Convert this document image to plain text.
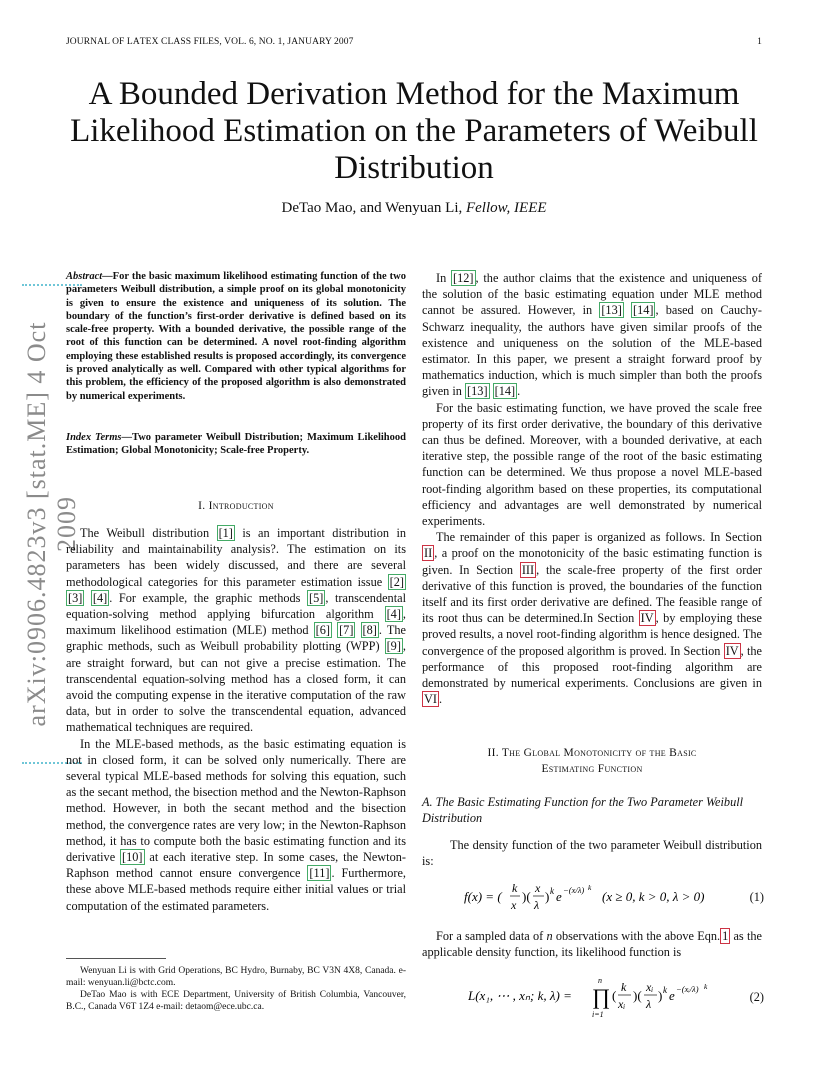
JOURNAL OF LΑTΕX CLASS FILES, VOL. 6, NO. 1, JANUARY 2007	1
A Bounded Derivation Method for the Maximum Likelihood Estimation on the Parameters of Weibull Distribution
DeTao Mao, and Wenyuan Li, Fellow, IEEE
arXiv:0906.4823v3 [stat.ME] 4 Oct 2009
Abstract—For the basic maximum likelihood estimating function of the two parameters Weibull distribution, a simple proof on its global monotonicity is given to ensure the existence and uniqueness of its solution. The boundary of the function’s first-order derivative is defined based on its scale-free property. With a bounded derivative, the possible range of the root of this function can be determined. A novel root-finding algorithm employing these established results is proposed accordingly, its convergence is proved analytically as well. Compared with other typical algorithms for this problem, the efficiency of the proposed algorithm is also demonstrated by numerical experiments.
Index Terms—Two parameter Weibull Distribution; Maximum Likelihood Estimation; Global Monotonicity; Scale-free Property.
I. Introduction

The Weibull distribution [1] is an important distribution in reliability and maintainability analysis?. The estimation on its parameters has been widely discussed, and there are several methodological categories for this parameter estimation issue [2] [3] [4] . For example, the graphic methods [5] , transcendental equation-solving method applying bifurcation algorithm [4] , maximum likelihood estimation (MLE) method [6] [7] [8] . The graphic methods, such as Weibull probability plotting (WPP) [9] , are straight forward, but can not give a precise estimation. The transcendental equation-solving method has a closed form, it can avoid the computing expense in the iterative computation of the raw data, but in order to solve the transcendental equation, advanced mathematical techniques are required.

In the MLE-based methods, as the basic estimating equation is not in closed form, it can be solved only numerically. There are several typical MLE-based methods for solving this equation, such as the secant method, the bisection method and the Newton-Raphson method. However, in both the secant method and the bisection method, the convergence rates are very low; in the Newton-Raphson method, it has to compute both the basic estimating function and its derivative [10] at each iterative step. In some cases, the Newton-Raphson method cannot ensure convergence [11] . Furthermore, these above MLE-based methods require either initial values or trial computation of the estimated parameters.

Wenyuan Li is with Grid Operations, BC Hydro, Burnaby, BC V3N 4X8, Canada. e-mail: wenyuan.li@bctc.com.

DeTao Mao is with ECE Department, University of British Columbia, Vancouver, B.C., Canada V6T 1Z4 e-mail: detaom@ece.ubc.ca.

In [12] , the author claims that the existence and uniqueness of the solution of the basic estimating equation under MLE method cannot be assured. However, in [13] [14] , based on Cauchy-Schwarz inequality, the authors have given similar proofs of the existence and uniqueness on the solution of the MLE-based estimator. In this paper, we present a straight forward proof by mathematics induction, which is much simpler than both the proofs given in [13] [14] .

For the basic estimating function, we have proved the scale free property of its first order derivative, the boundary of this derivative can thus be defined. Moreover, with a bounded derivative, at each iterative step, the possible range of the root of the basic estimating function can be determined. We thus propose a novel MLE-based root-finding algorithm based on these properties, its computational efficiency and advantages are well demonstrated by numerical experiments.

The remainder of this paper is organized as follows. In Section II , a proof on the monotonicity of the basic estimating function is given. In Section III , the scale-free property of the first order derivative of this function is proved, the boundaries of the function itself and its first order derivative are defined. The feasible range of its root thus can be determined.In Section IV , by employing these proved results, a novel root-finding algorithm is hence designed. The convergence of the proposed algorithm is proved. In Section IV , the performance of this proposed root-finding algorithm are demonstrated by numerical experiments. Conclusions are given in VI .

II. The Global Monotonicity of the Basic
Estimating Function
A. The Basic Estimating Function for the Two Parameter Weibull Distribution

The density function of the two parameter Weibull distribution is:

f(x) = (
k
x
)(
x
λ
) k e −(x/λ) k
(x ≥ 0, k > 0, λ > 0)	(1)

For a sampled data of n observations with the above Eqn. 1 as the applicable density function, its likelihood function is

L(x₁, ⋯ , xₙ; k, λ) =
n
∏
i=1
(
k
xᵢ
)(
xᵢ
λ
) k e −(xᵢ/λ) k
(2)
